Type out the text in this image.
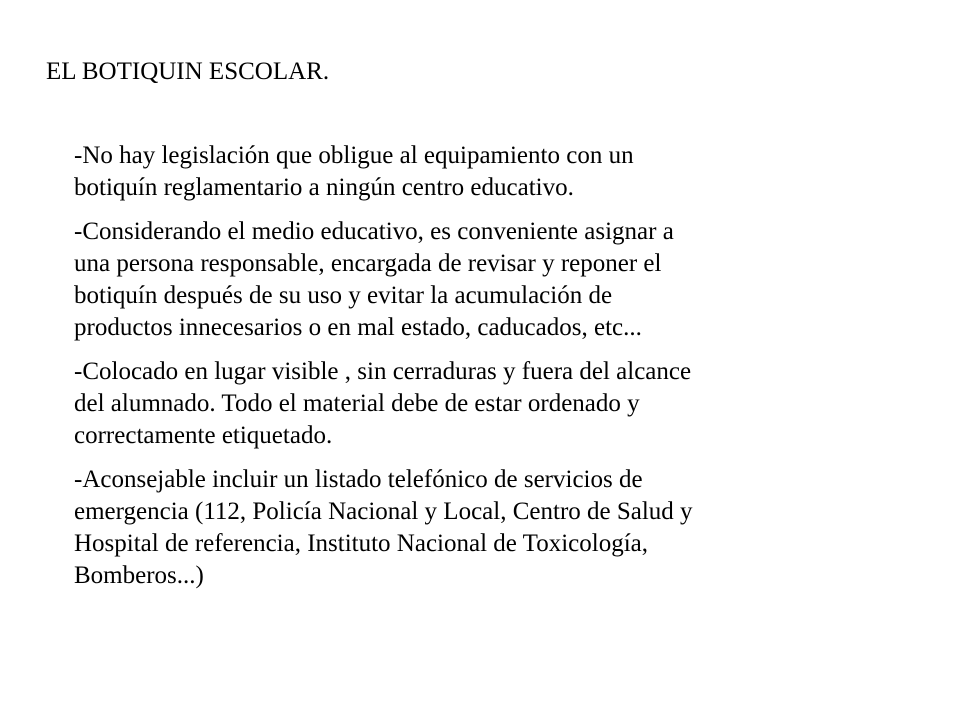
EL BOTIQUIN ESCOLAR.

-No hay legislación que obligue al equipamiento con un
botiquín reglamentario a ningún centro educativo.

-Considerando el medio educativo, es conveniente asignar a
una persona responsable, encargada de revisar y reponer el
botiquín después de su uso y evitar la acumulación de
productos innecesarios o en mal estado, caducados, etc...

-Colocado en lugar visible , sin cerraduras y fuera del alcance
del alumnado. Todo el material debe de estar ordenado y
correctamente etiquetado.

-Aconsejable incluir un listado telefónico de servicios de
emergencia (112, Policía Nacional y Local, Centro de Salud y
Hospital de referencia, Instituto Nacional de Toxicología,
Bomberos...)
